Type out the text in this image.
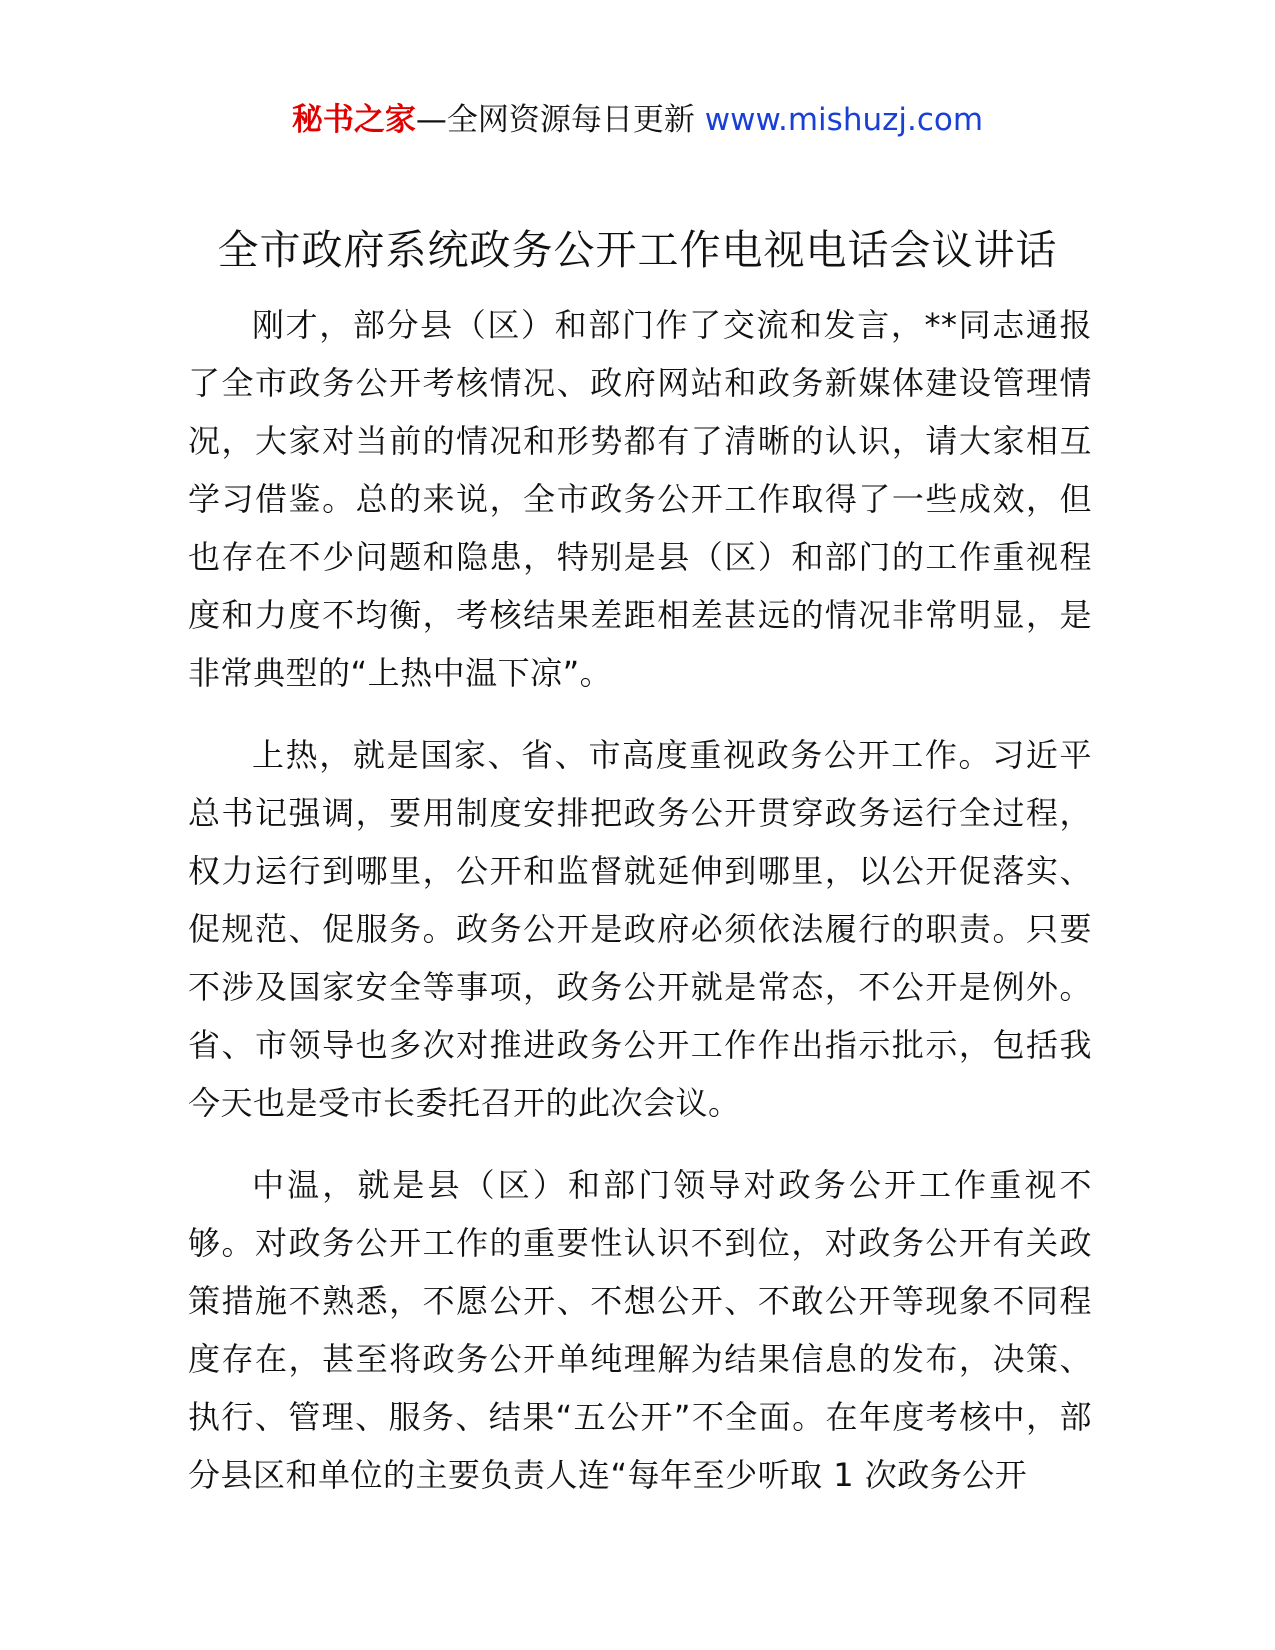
秘书之家—全网资源每日更新 www.mishuzj.com
全市政府系统政务公开工作电视电话会议讲话

刚才，部分县（区）和部门作了交流和发言，**同志通报了全市政务公开考核情况、政府网站和政务新媒体建设管理情况，大家对当前的情况和形势都有了清晰的认识，请大家相互学习借鉴。总的来说，全市政务公开工作取得了一些成效，但也存在不少问题和隐患，特别是县（区）和部门的工作重视程度和力度不均衡，考核结果差距相差甚远的情况非常明显，是非常典型的“上热中温下凉”。

上热，就是国家、省、市高度重视政务公开工作。习近平总书记强调，要用制度安排把政务公开贯穿政务运行全过程，权力运行到哪里，公开和监督就延伸到哪里，以公开促落实、促规范、促服务。政务公开是政府必须依法履行的职责。只要不涉及国家安全等事项，政务公开就是常态，不公开是例外。省、市领导也多次对推进政务公开工作作出指示批示，包括我今天也是受市长委托召开的此次会议。

中温，就是县（区）和部门领导对政务公开工作重视不够。对政务公开工作的重要性认识不到位，对政务公开有关政策措施不熟悉，不愿公开、不想公开、不敢公开等现象不同程度存在，甚至将政务公开单纯理解为结果信息的发布，决策、执行、管理、服务、结果“五公开”不全面。在年度考核中，部分县区和单位的主要负责人连“每年至少听取 1 次政务公开
